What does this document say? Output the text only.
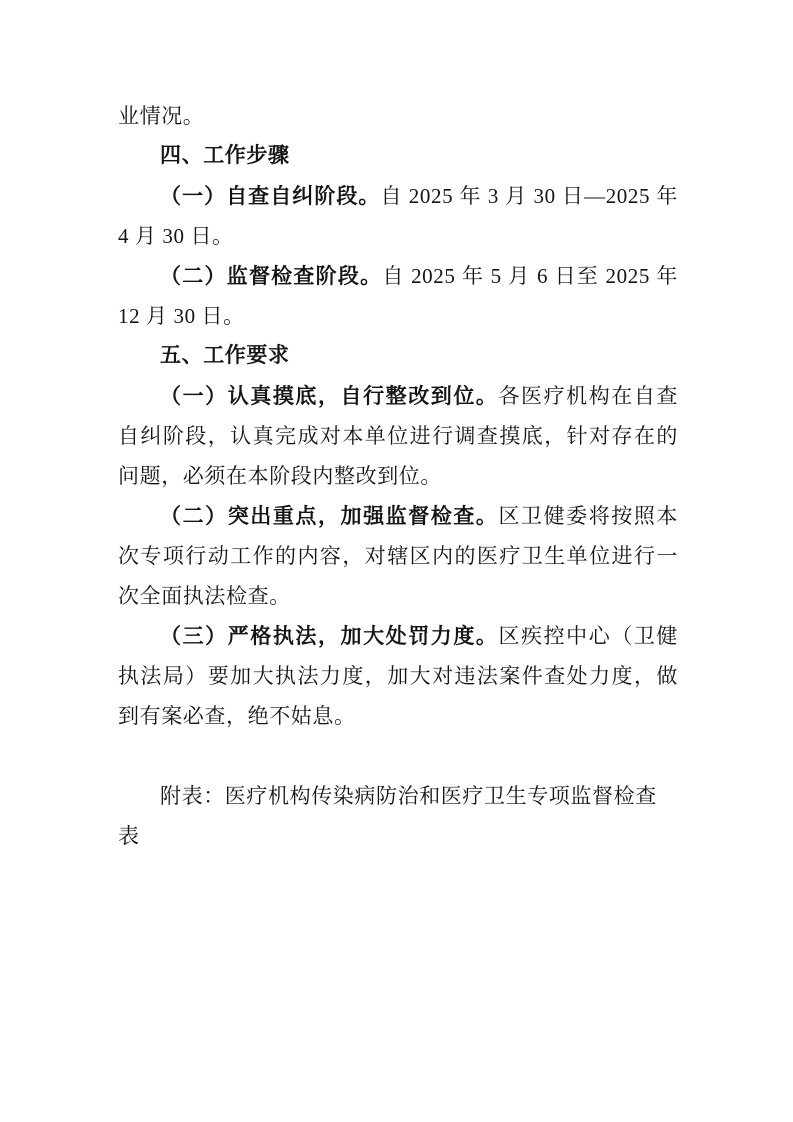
业情况。

四、工作步骤

（一）自查自纠阶段。自 2025 年 3 月 30 日—2025 年 4 月 30 日。

（二）监督检查阶段。自 2025 年 5 月 6 日至 2025 年 12 月 30 日。

五、工作要求

（一）认真摸底，自行整改到位。各医疗机构在自查自纠阶段，认真完成对本单位进行调查摸底，针对存在的问题，必须在本阶段内整改到位。

（二）突出重点，加强监督检查。区卫健委将按照本次专项行动工作的内容，对辖区内的医疗卫生单位进行一次全面执法检查。

（三）严格执法，加大处罚力度。区疾控中心（卫健执法局）要加大执法力度，加大对违法案件查处力度，做到有案必查，绝不姑息。

附表：医疗机构传染病防治和医疗卫生专项监督检查表
